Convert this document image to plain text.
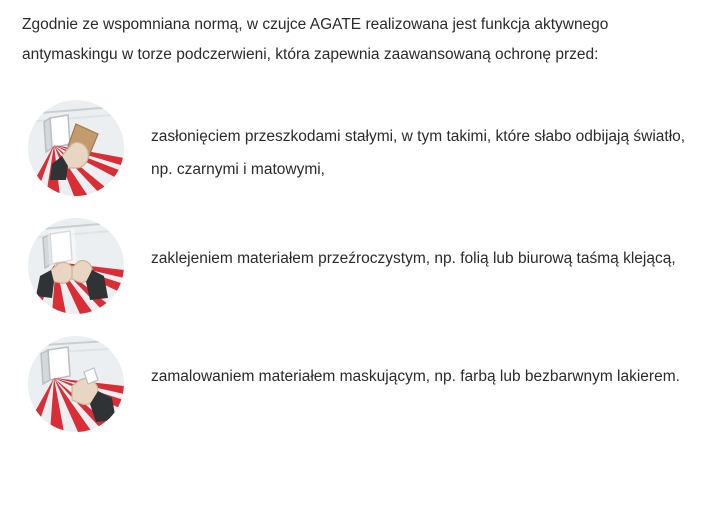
Zgodnie ze wspomniana normą, w czujce AGATE realizowana jest funkcja aktywnego antymaskingu w torze podczerwieni, która zapewnia zaawansowaną ochronę przed:

zasłonięciem przeszkodami stałymi, w tym takimi, które słabo odbijają światło, np. czarnymi i matowymi,
zaklejeniem materiałem przeźroczystym, np. folią lub biurową taśmą klejącą,
zamalowaniem materiałem maskującym, np. farbą lub bezbarwnym lakierem.
